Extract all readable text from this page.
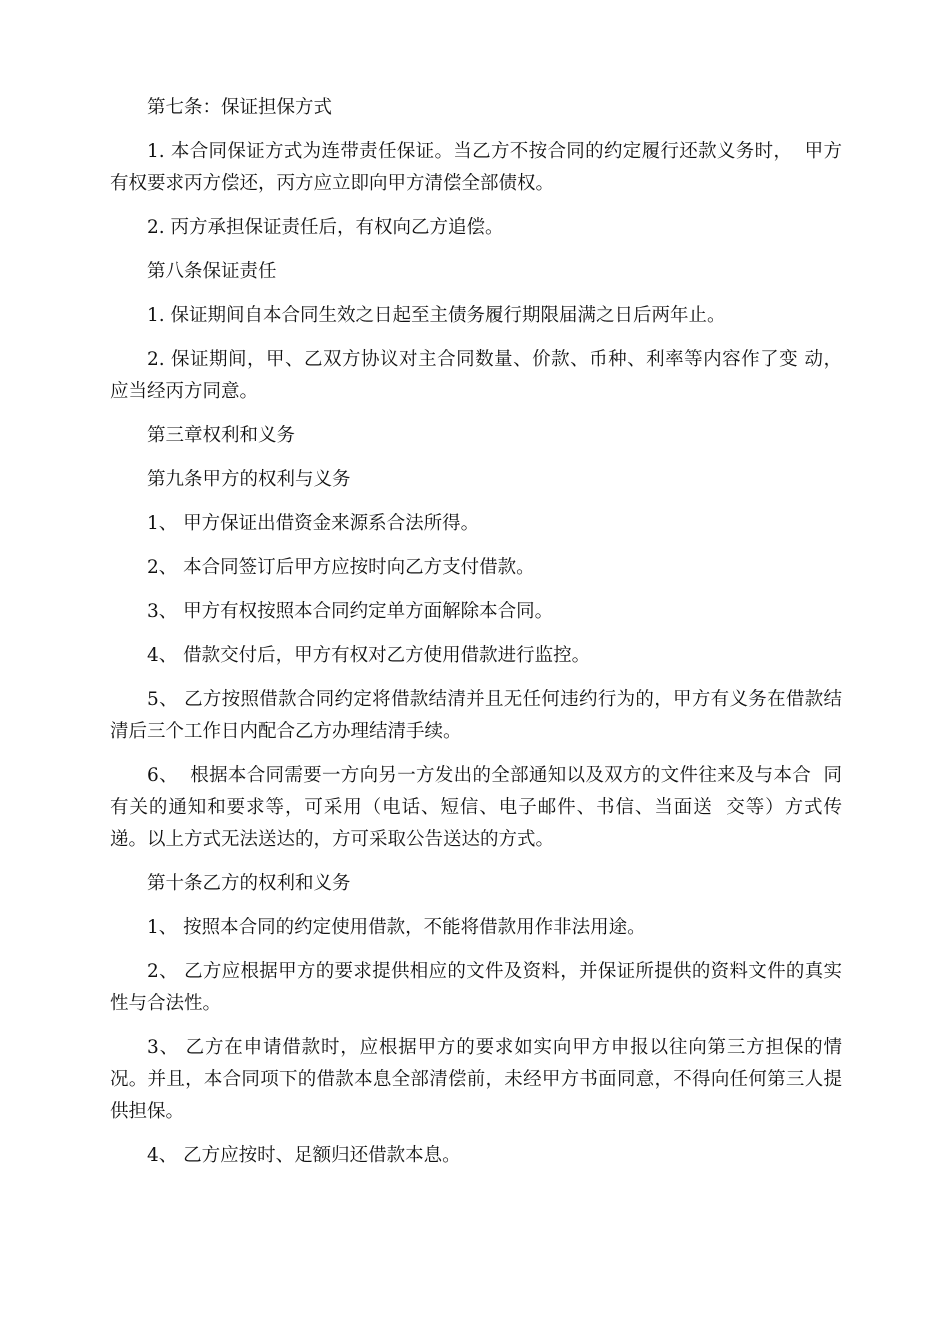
第七条：保证担保方式

1. 本合同保证方式为连带责任保证。当乙方不按合同的约定履行还款义务时，  甲方有权要求丙方偿还，丙方应立即向甲方清偿全部债权。

2. 丙方承担保证责任后，有权向乙方追偿。

第八条保证责任

1. 保证期间自本合同生效之日起至主债务履行期限届满之日后两年止。

2. 保证期间，甲、乙双方协议对主合同数量、价款、币种、利率等内容作了变 动，应当经丙方同意。

第三章权利和义务

第九条甲方的权利与义务

1、 甲方保证出借资金来源系合法所得。

2、 本合同签订后甲方应按时向乙方支付借款。

3、 甲方有权按照本合同约定单方面解除本合同。

4、 借款交付后，甲方有权对乙方使用借款进行监控。

5、 乙方按照借款合同约定将借款结清并且无任何违约行为的，甲方有义务在借款结清后三个工作日内配合乙方办理结清手续。

6、  根据本合同需要一方向另一方发出的全部通知以及双方的文件往来及与本合  同有关的通知和要求等，可采用（电话、短信、电子邮件、书信、当面送  交等）方式传递。以上方式无法送达的，方可采取公告送达的方式。

第十条乙方的权利和义务

1、 按照本合同的约定使用借款，不能将借款用作非法用途。

2、 乙方应根据甲方的要求提供相应的文件及资料，并保证所提供的资料文件的真实性与合法性。

3、 乙方在申请借款时，应根据甲方的要求如实向甲方申报以往向第三方担保的情况。并且，本合同项下的借款本息全部清偿前，未经甲方书面同意，不得向任何第三人提供担保。

4、 乙方应按时、足额归还借款本息。
